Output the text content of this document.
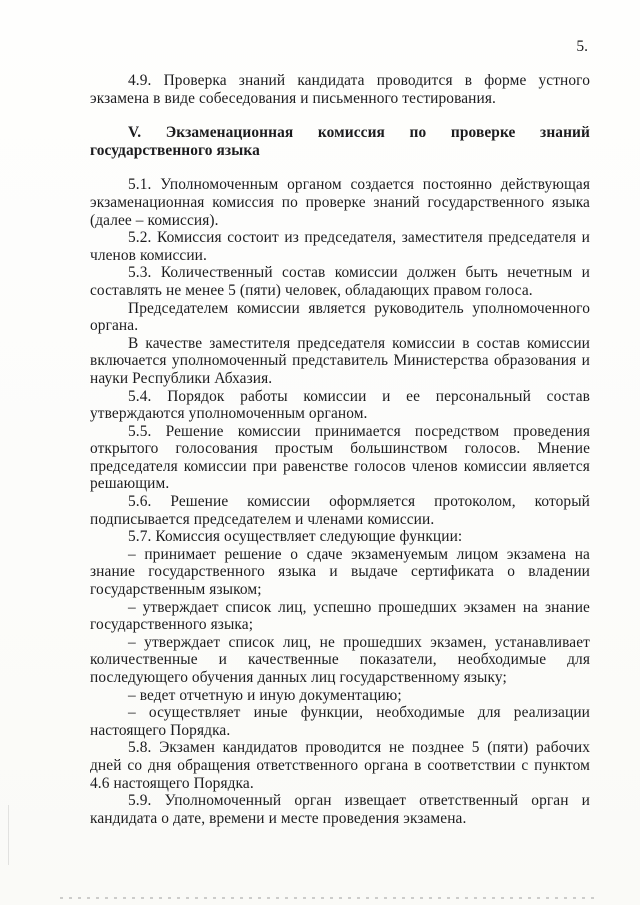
5.

4.9. Проверка знаний кандидата проводится в форме устного экзамена в виде собеседования и письменного тестирования.

V. Экзаменационная комиссия по проверке знаний государственного языка

5.1. Уполномоченным органом создается постоянно действующая экзаменационная комиссия по проверке знаний государственного языка (далее – комиссия).

5.2. Комиссия состоит из председателя, заместителя председателя и членов комиссии.

5.3. Количественный состав комиссии должен быть нечетным и составлять не менее 5 (пяти) человек, обладающих правом голоса.

Председателем комиссии является руководитель уполномоченного органа.

В качестве заместителя председателя комиссии в состав комиссии включается уполномоченный представитель Министерства образования и науки Республики Абхазия.

5.4. Порядок работы комиссии и ее персональный состав утверждаются уполномоченным органом.

5.5. Решение комиссии принимается посредством проведения открытого голосования простым большинством голосов. Мнение председателя комиссии при равенстве голосов членов комиссии является решающим.

5.6. Решение комиссии оформляется протоколом, который подписывается председателем и членами комиссии.

5.7. Комиссия осуществляет следующие функции:

– принимает решение о сдаче экзаменуемым лицом экзамена на знание государственного языка и выдаче сертификата о владении государственным языком;

– утверждает список лиц, успешно прошедших экзамен на знание государственного языка;

– утверждает список лиц, не прошедших экзамен, устанавливает количественные и качественные показатели, необходимые для последующего обучения данных лиц государственному языку;

– ведет отчетную и иную документацию;

– осуществляет иные функции, необходимые для реализации настоящего Порядка.

5.8. Экзамен кандидатов проводится не позднее 5 (пяти) рабочих дней со дня обращения ответственного органа в соответствии с пунктом 4.6 настоящего Порядка.

5.9. Уполномоченный орган извещает ответственный орган и кандидата о дате, времени и месте проведения экзамена.
